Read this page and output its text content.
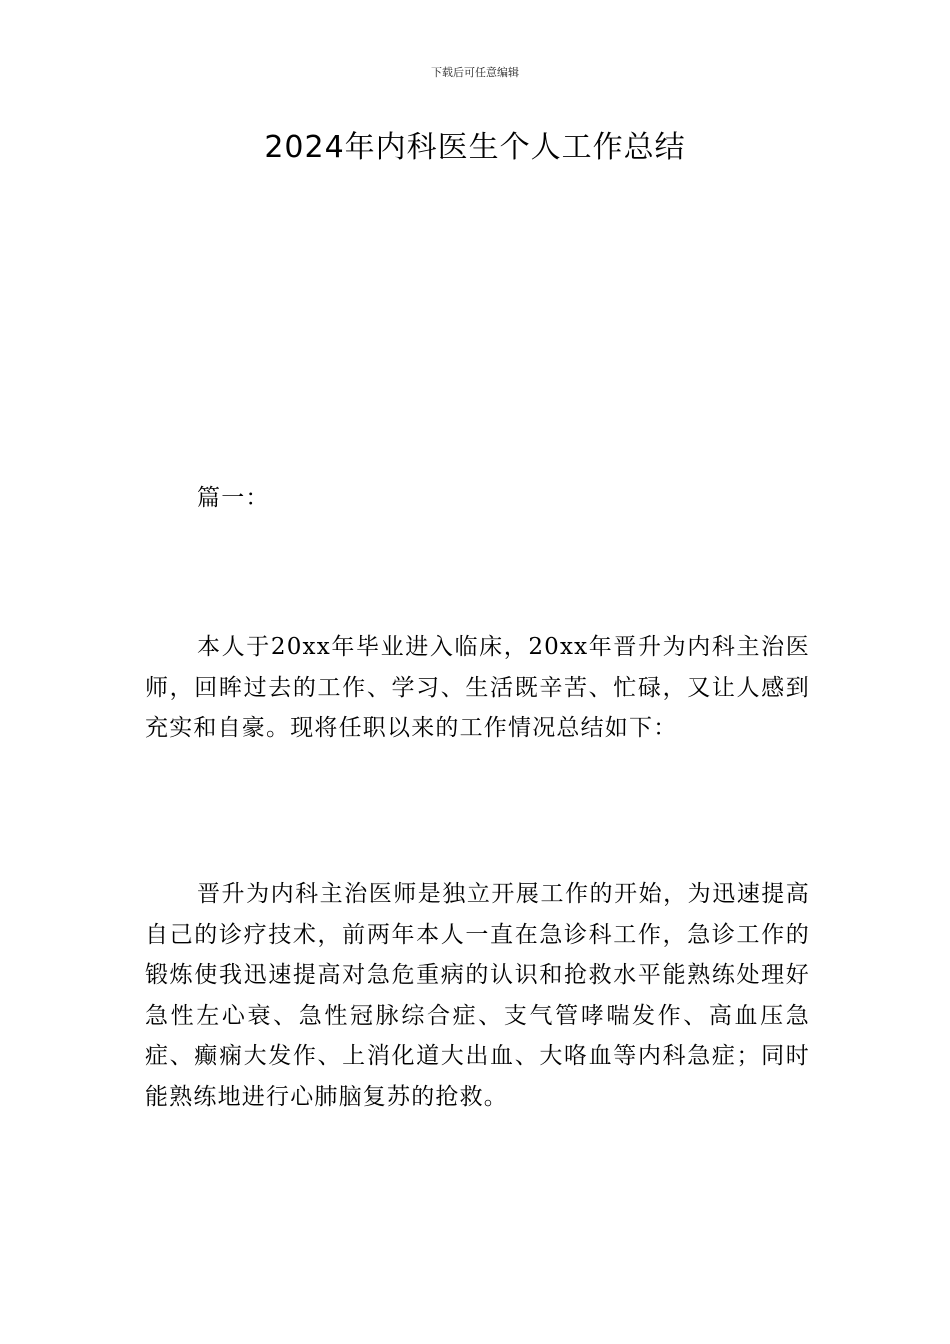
下载后可任意编辑
2024年内科医生个人工作总结

篇一：

本人于20xx年毕业进入临床，20xx年晋升为内科主治医师，回眸过去的工作、学习、生活既辛苦、忙碌，又让人感到充实和自豪。现将任职以来的工作情况总结如下：

晋升为内科主治医师是独立开展工作的开始，为迅速提高自己的诊疗技术，前两年本人一直在急诊科工作，急诊工作的锻炼使我迅速提高对急危重病的认识和抢救水平能熟练处理好急性左心衰、急性冠脉综合症、支气管哮喘发作、高血压急症、癫痫大发作、上消化道大出血、大咯血等内科急症；同时能熟练地进行心肺脑复苏的抢救。
